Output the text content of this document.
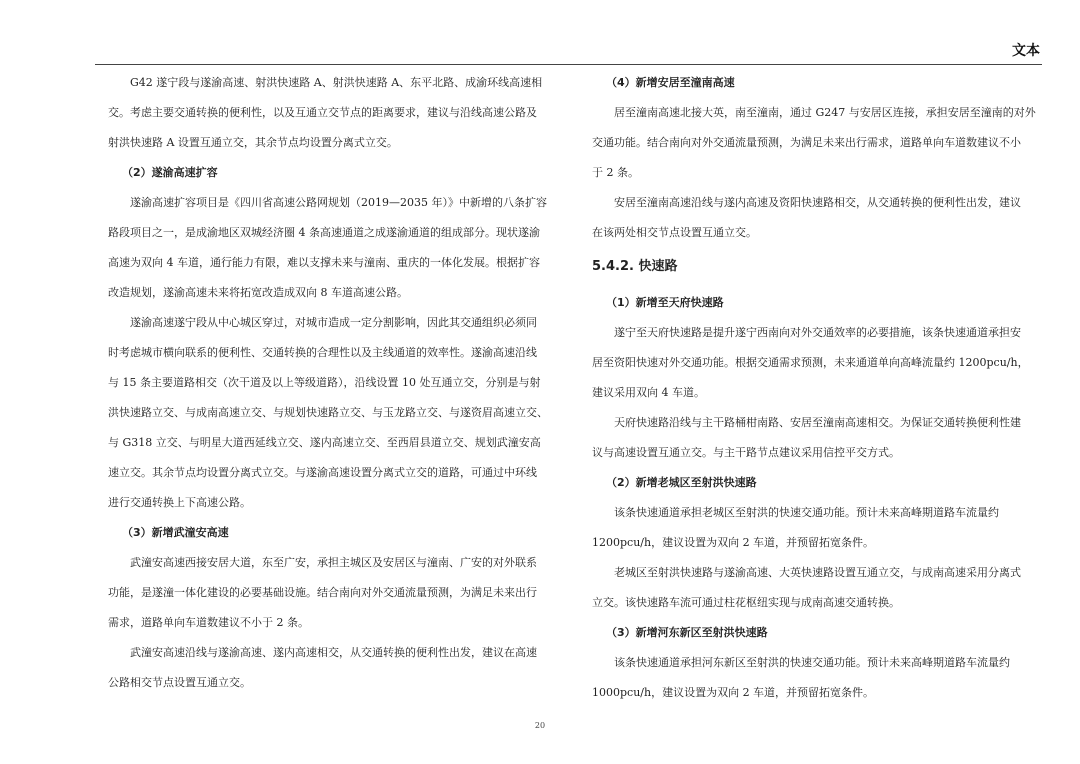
文本
G42 遂宁段与遂渝高速、射洪快速路 A、射洪快速路 A、东平北路、成渝环线高速相
交。考虑主要交通转换的便利性，以及互通立交节点的距离要求，建议与沿线高速公路及
射洪快速路 A 设置互通立交，其余节点均设置分离式立交。
（2）遂渝高速扩容
遂渝高速扩容项目是《四川省高速公路网规划（2019—2035 年）》中新增的八条扩容
路段项目之一，是成渝地区双城经济圈 4 条高速通道之成遂渝通道的组成部分。现状遂渝
高速为双向 4 车道，通行能力有限，难以支撑未来与潼南、重庆的一体化发展。根据扩容
改造规划，遂渝高速未来将拓宽改造成双向 8 车道高速公路。
遂渝高速遂宁段从中心城区穿过，对城市造成一定分割影响，因此其交通组织必须同
时考虑城市横向联系的便利性、交通转换的合理性以及主线通道的效率性。遂渝高速沿线
与 15 条主要道路相交（次干道及以上等级道路），沿线设置 10 处互通立交，分别是与射
洪快速路立交、与成南高速立交、与规划快速路立交、与玉龙路立交、与遂资眉高速立交、
与 G318 立交、与明星大道西延线立交、遂内高速立交、至西眉县道立交、规划武潼安高
速立交。其余节点均设置分离式立交。与遂渝高速设置分离式立交的道路，可通过中环线
进行交通转换上下高速公路。
（3）新增武潼安高速
武潼安高速西接安居大道，东至广安，承担主城区及安居区与潼南、广安的对外联系
功能，是遂潼一体化建设的必要基础设施。结合南向对外交通流量预测，为满足未来出行
需求，道路单向车道数建议不小于 2 条。
武潼安高速沿线与遂渝高速、遂内高速相交，从交通转换的便利性出发，建议在高速
公路相交节点设置互通立交。
（4）新增安居至潼南高速
居至潼南高速北接大英，南至潼南，通过 G247 与安居区连接，承担安居至潼南的对外
交通功能。结合南向对外交通流量预测，为满足未来出行需求，道路单向车道数建议不小
于 2 条。
安居至潼南高速沿线与遂内高速及资阳快速路相交，从交通转换的便利性出发，建议
在该两处相交节点设置互通立交。
5.4.2. 快速路
（1）新增至天府快速路
遂宁至天府快速路是提升遂宁西南向对外交通效率的必要措施，该条快速通道承担安
居至资阳快速对外交通功能。根据交通需求预测，未来通道单向高峰流量约 1200pcu/h，
建议采用双向 4 车道。
天府快速路沿线与主干路桶柑南路、安居至潼南高速相交。为保证交通转换便利性建
议与高速设置互通立交。与主干路节点建议采用信控平交方式。
（2）新增老城区至射洪快速路
该条快速通道承担老城区至射洪的快速交通功能。预计未来高峰期道路车流量约
1200pcu/h，建议设置为双向 2 车道，并预留拓宽条件。
老城区至射洪快速路与遂渝高速、大英快速路设置互通立交，与成南高速采用分离式
立交。该快速路车流可通过柱花枢纽实现与成南高速交通转换。
（3）新增河东新区至射洪快速路
该条快速通道承担河东新区至射洪的快速交通功能。预计未来高峰期道路车流量约
1000pcu/h，建议设置为双向 2 车道，并预留拓宽条件。
20
